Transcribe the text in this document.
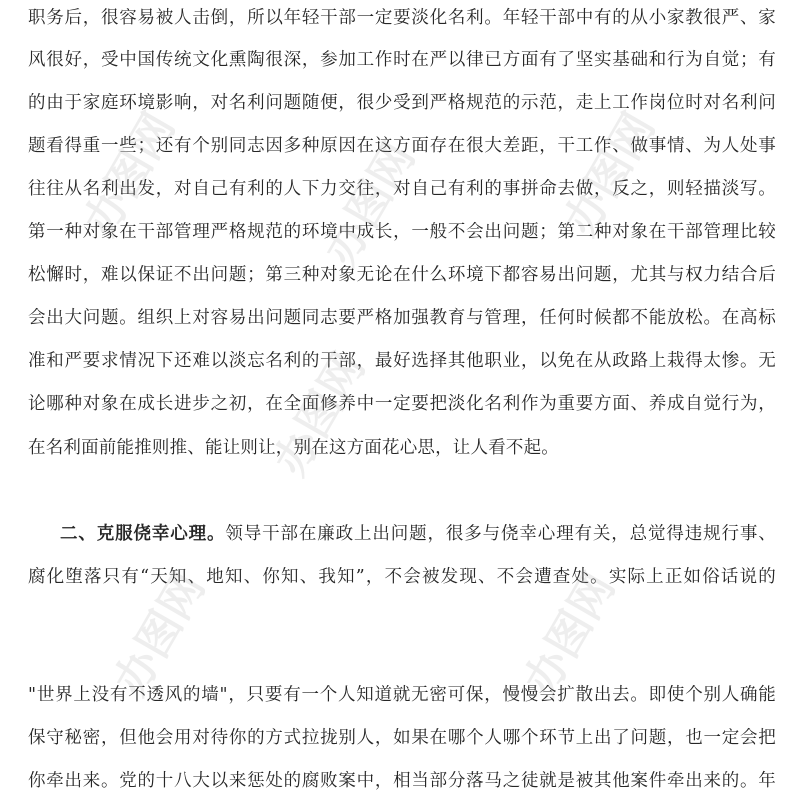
职务后，很容易被人击倒，所以年轻干部一定要淡化名利。年轻干部中有的从小家教很严、家
风很好，受中国传统文化熏陶很深，参加工作时在严以律已方面有了坚实基础和行为自觉；有
的由于家庭环境影响，对名利问题随便，很少受到严格规范的示范，走上工作岗位时对名利问
题看得重一些；还有个别同志因多种原因在这方面存在很大差距，干工作、做事情、为人处事
往往从名利出发，对自己有利的人下力交往，对自己有利的事拼命去做，反之，则轻描淡写。
第一种对象在干部管理严格规范的环境中成长，一般不会出问题；第二种对象在干部管理比较
松懈时，难以保证不出问题；第三种对象无论在什么环境下都容易出问题，尤其与权力结合后
会出大问题。组织上对容易出问题同志要严格加强教育与管理，任何时候都不能放松。在高标
准和严要求情况下还难以淡忘名利的干部，最好选择其他职业，以免在从政路上栽得太惨。无
论哪种对象在成长进步之初，在全面修养中一定要把淡化名利作为重要方面、养成自觉行为，
在名利面前能推则推、能让则让，别在这方面花心思，让人看不起。
二、克服侥幸心理。领导干部在廉政上出问题，很多与侥幸心理有关，总觉得违规行事、
腐化堕落只有“天知、地知、你知、我知”，不会被发现、不会遭查处。实际上正如俗话说的
"世界上没有不透风的墙"，只要有一个人知道就无密可保，慢慢会扩散出去。即使个别人确能
保守秘密，但他会用对待你的方式拉拢别人，如果在哪个人哪个环节上出了问题，也一定会把
你牵出来。党的十八大以来惩处的腐败案中，相当部分落马之徒就是被其他案件牵出来的。年
办图网	办图网	办图网
办图网
办图网	办图网
